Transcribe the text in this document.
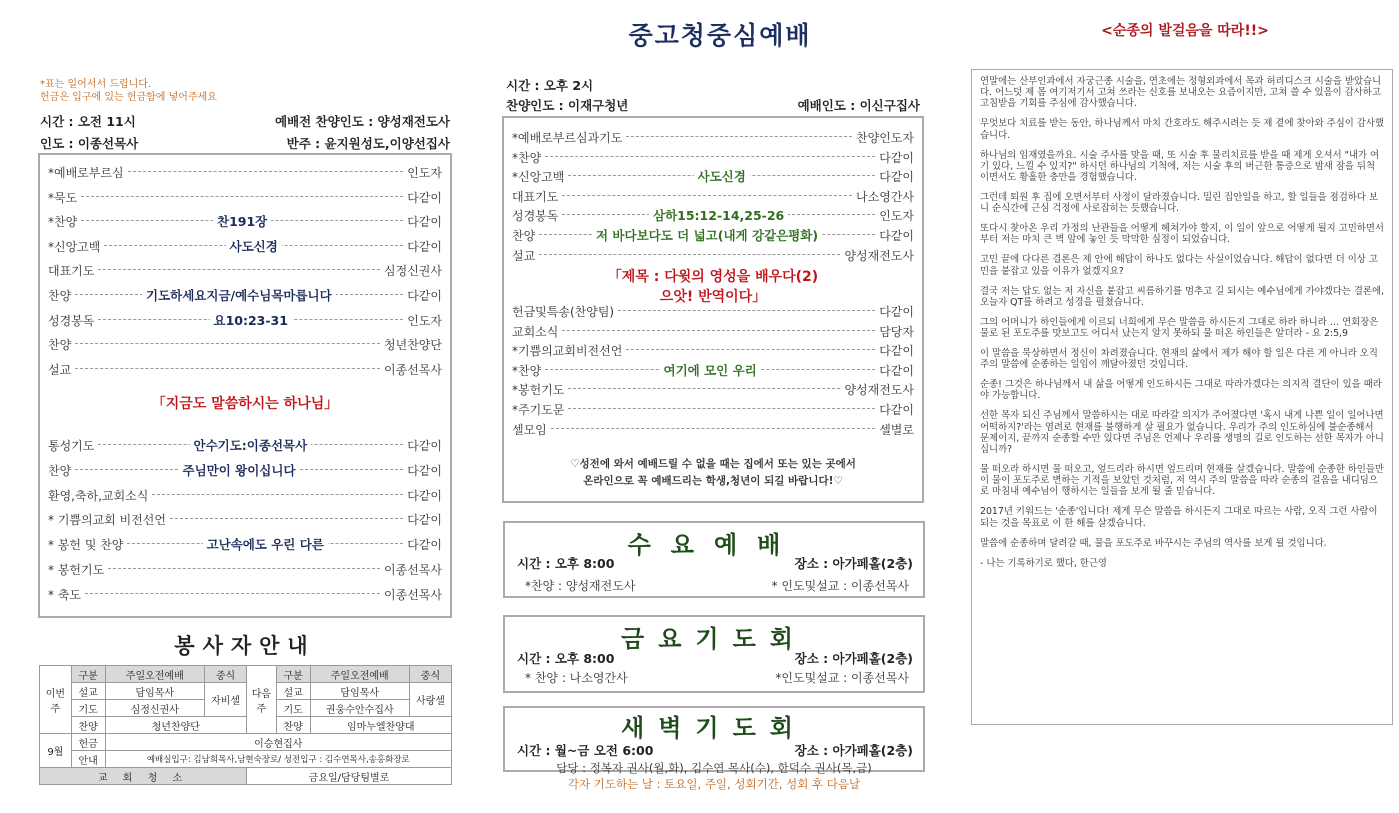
*표는 일어서서 드립니다.
헌금은 입구에 있는 헌금함에 넣어주세요
시간 : 오전 11시	예배전 찬양인도 : 양성재전도사
인도 : 이종선목사	반주 : 윤지원성도,이양선집사
*예배로부르심	인도자
*묵도	다같이
*찬양	다같이
찬191장
*신앙고백	다같이
사도신경
대표기도	심정신권사
찬양	다같이
기도하세요지금/예수님목마릅니다
성경봉독	인도자
요10:23-31
찬양	청년찬양단
설교	이종선목사
「지금도 말씀하시는 하나님」
통성기도	다같이
안수기도:이종선목사
찬양	다같이
주님만이 왕이십니다
환영,축하,교회소식	다같이
* 기쁨의교회 비전선언	다같이
* 봉헌 및 찬양	다같이
고난속에도 우린 다른
* 봉헌기도	이종선목사
* 축도	이종선목사
봉사자안내
이번주	구분	주일오전예배	중식	다음주	구분	주일오전예배	중식
	설교	담임목사	자비셀		설교	담임목사	사랑셀
	기도	심정신권사			기도	권웅수안수집사	
	찬양	청년찬양단			찬양	임마누엘찬양대	
9월	헌금	이승현집사					
	안내	예배실입구: 김남희목사,남현숙장로/ 성전입구 : 김수연목사,송홍화장로					
교 회 청 소				금요일/담당팀별로			
중고청중심예배
시간 : 오후 2시
찬양인도 : 이재구청년	예배인도 : 이신구집사
*예배로부르심과기도	찬양인도자
*찬양	다같이
*신앙고백	다같이
사도신경
대표기도	나소영간사
성경봉독	인도자
삼하15:12-14,25-26
찬양	다같이
저 바다보다도 더 넓고(내게 강같은평화)
설교	양성재전도사
「제목 : 다윗의 영성을 배우다(2)
으앗! 반역이다」
헌금및특송(찬양팀)	다같이
교회소식	담당자
*기쁨의교회비전선언	다같이
*찬양	다같이
여기에 모인 우리
*봉헌기도	양성재전도사
*주기도문	다같이
셀모임	셀별로
♡성전에 와서 예배드릴 수 없을 때는 집에서 또는 있는 곳에서
온라인으로 꼭 예배드리는 학생,청년이 되길 바랍니다!♡
수요예배
시간 : 오후 8:00	장소 : 아가페홀(2층)
*찬양 : 양성재전도사	* 인도및설교 : 이종선목사
금요기도회
시간 : 오후 8:00	장소 : 아가페홀(2층)
* 찬양 : 나소영간사	*인도및설교 : 이종선목사
새벽기도회
시간 : 월~금 오전 6:00	장소 : 아가페홀(2층)
담당 : 정복자 권사(월,화), 김수연 목사(수), 한덕수 권사(목,금)
각자 기도하는 날 : 토요일, 주일, 성회기간, 성회 후 다음날
<순종의 발걸음을 따라!!>

연말에는 산부인과에서 자궁근종 시술을, 연초에는 정형외과에서 목과 허리디스크 시술을 받았습니다. 어느덧 제 몸 여기저기서 고쳐 쓰라는 신호를 보내오는 요즘이지만, 고쳐 쓸 수 있음이 감사하고 고침받을 기회를 주심에 감사했습니다.

무엇보다 치료를 받는 동안, 하나님께서 마치 간호라도 해주시려는 듯 제 곁에 찾아와 주심이 감사했습니다.

하나님의 임재였을까요. 시술 주사를 맞을 때, 또 시술 후 물리치료를 받을 때 제게 오셔서 "내가 여기 있다, 느낄 수 있지?" 하시던 하나님의 기척에, 저는 시술 후의 버근한 통증으로 밤새 잠을 뒤척이면서도 황홀한 충만을 경험했습니다.

그런데 퇴원 후 집에 오면서부터 사정이 달라졌습니다. 밀린 집안일을 하고, 할 일들을 점검하다 보니 순식간에 근심 걱정에 사로잡히는 듯했습니다.

또다시 찾아온 우리 가정의 난관들을 어떻게 헤쳐가야 할지, 이 일이 앞으로 어떻게 될지 고민하면서부터 저는 마치 큰 벽 앞에 놓인 듯 막막한 심정이 되었습니다.

고민 끝에 다다른 결론은 제 안에 해답이 하나도 없다는 사실이었습니다. 해답이 없다면 더 이상 고민을 붙잡고 있을 이유가 없겠지요?

결국 저는 답도 없는 저 자신을 붙잡고 씨름하기를 멈추고 길 되시는 예수님에게 가야겠다는 결론에, 오늘자 QT를 하려고 성경을 펼쳤습니다.

그의 어머니가 하인들에게 이르되 너희에게 무슨 말씀을 하시든지 그대로 하라 하니라 … 연회장은 물로 된 포도주를 맛보고도 어디서 났는지 알지 못하되 물 떠온 하인들은 알더라 - 요 2:5,9

이 말씀을 묵상하면서 정신이 차려졌습니다. 현재의 삶에서 제가 해야 할 일은 다른 게 아니라 오직 주의 말씀에 순종하는 일임이 깨달아졌던 것입니다.

순종! 그것은 하나님께서 내 삶을 어떻게 인도하시든 그대로 따라가겠다는 의지적 결단이 있을 때라야 가능합니다.

선한 목자 되신 주님께서 말씀하시는 대로 따라갈 의지가 주어졌다면 '혹시 내게 나쁜 일이 일어나면 어떡하지?'라는 염려로 현재를 불행하게 살 필요가 없습니다. 우리가 주의 인도하심에 불순종해서 문제이지, 끝까지 순종할 수만 있다면 주님은 언제나 우리를 생명의 길로 인도하는 선한 목자가 아니십니까?

물 떠오라 하시면 물 떠오고, 엎드리라 하시면 엎드리며 현재를 살겠습니다. 말씀에 순종한 하인들만이 물이 포도주로 변하는 기적을 보았던 것처럼, 저 역시 주의 말씀을 따라 순종의 걸음을 내디딤으로 마침내 예수님이 행하시는 일들을 보게 될 줄 믿습니다.

2017년 키워드는 '순종'입니다! 제게 무슨 말씀을 하시든지 그대로 따르는 사람, 오직 그런 사람이 되는 것을 목표로 이 한 해를 살겠습니다.

말씀에 순종하며 달려갈 때, 물을 포도주로 바꾸시는 주님의 역사를 보게 될 것입니다.

- 나는 기록하기로 했다, 한근영
